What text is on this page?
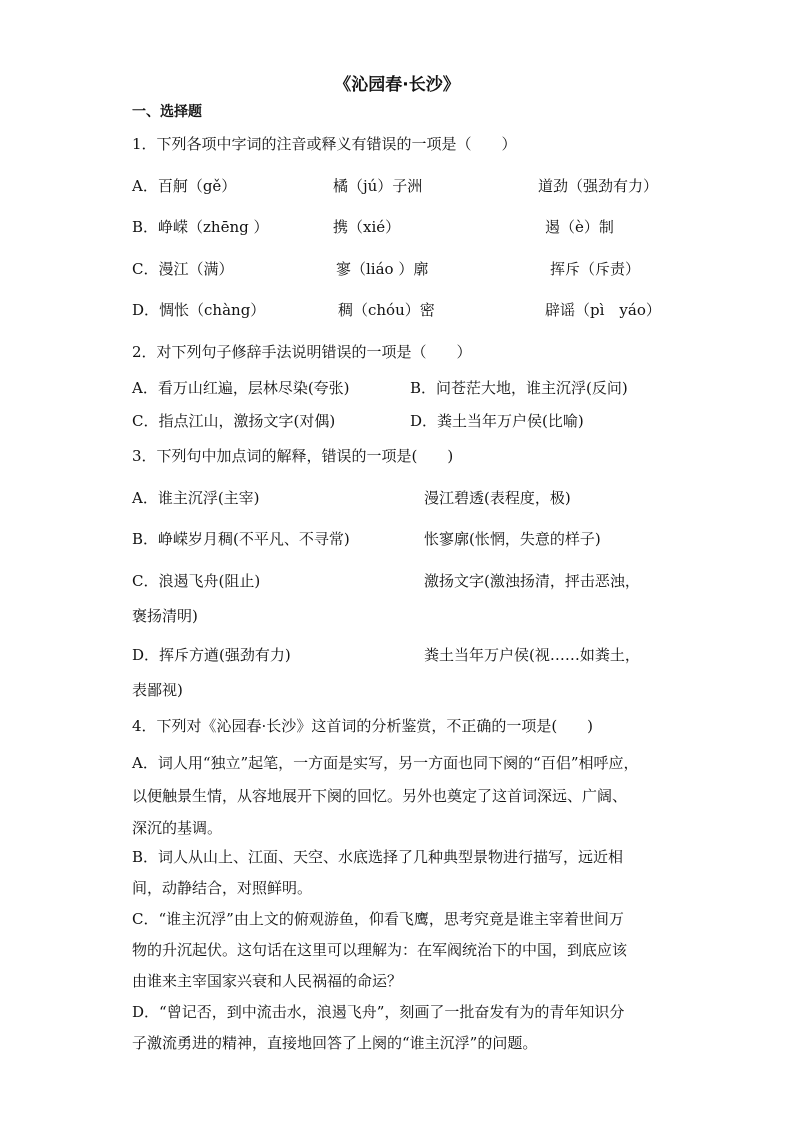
《沁园春·长沙》
一、选择题
1．下列各项中字词的注音或释义有错误的一项是（　　）
A．百舸（gě）	橘（jú）子洲	道劲（强劲有力）
B．峥嵘（zhēng ）	携（xié）	遏（è）制
C．漫江（满）	寥（liáo ）廓	挥斥（斥责）
D．惆怅（chàng）	稠（chóu）密	辟谣（pì　yáo）
2．对下列句子修辞手法说明错误的一项是（　　）
A．看万山红遍，层林尽染(夸张)	B．问苍茫大地，谁主沉浮(反问)
C．指点江山，激扬文字(对偶)	D．粪土当年万户侯(比喻)
3．下列句中加点词的解释，错误的一项是(　　)
A．谁主沉浮(主宰)	漫江碧透(表程度，极)
B．峥嵘岁月稠(不平凡、不寻常)	怅寥廓(怅惘，失意的样子)
C．浪遏飞舟(阻止)	激扬文字(激浊扬清，抨击恶浊，
褒扬清明)
D．挥斥方遒(强劲有力)	粪土当年万户侯(视……如粪土，
表鄙视)
4．下列对《沁园春·长沙》这首词的分析鉴赏，不正确的一项是(　　)
A．词人用“独立”起笔，一方面是实写，另一方面也同下阕的“百侣”相呼应，
以便触景生情，从容地展开下阕的回忆。另外也奠定了这首词深远、广阔、
深沉的基调。
B．词人从山上、江面、天空、水底选择了几种典型景物进行描写，远近相
间，动静结合，对照鲜明。
C．“谁主沉浮”由上文的俯观游鱼，仰看飞鹰，思考究竟是谁主宰着世间万
物的升沉起伏。这句话在这里可以理解为：在军阀统治下的中国，到底应该
由谁来主宰国家兴衰和人民祸福的命运？
D．“曾记否，到中流击水，浪遏飞舟”，刻画了一批奋发有为的青年知识分
子激流勇进的精神，直接地回答了上阕的“谁主沉浮”的问题。
